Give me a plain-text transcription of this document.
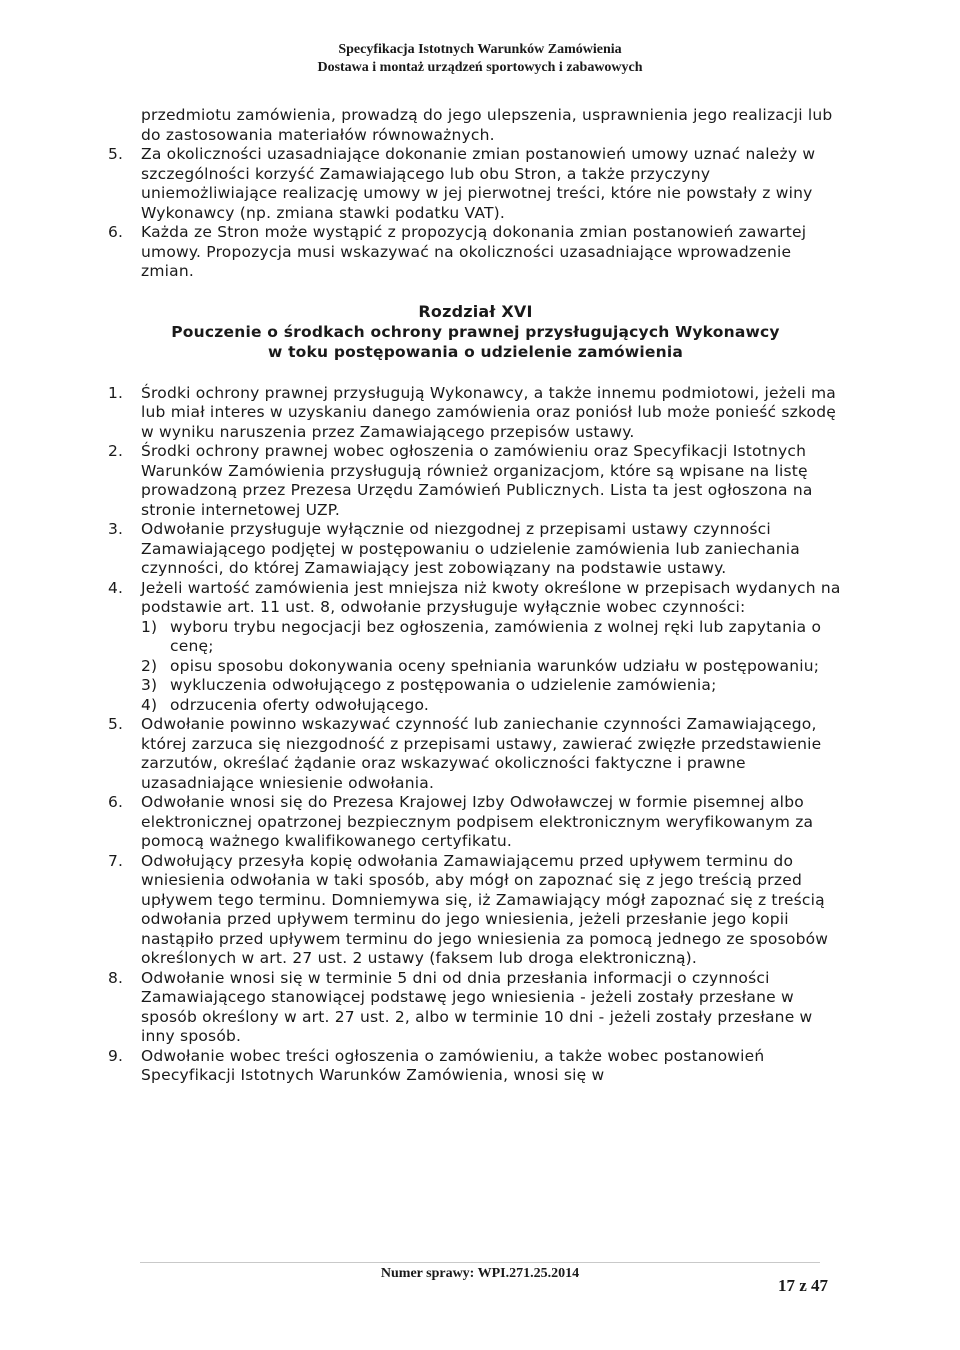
Specyfikacja Istotnych Warunków Zamówienia
Dostawa i montaż urządzeń sportowych i zabawowych

przedmiotu zamówienia, prowadzą do jego ulepszenia, usprawnienia jego realizacji lub do zastosowania materiałów równoważnych.

5. Za okoliczności uzasadniające dokonanie zmian postanowień umowy uznać należy w szczególności korzyść Zamawiającego lub obu Stron, a także przyczyny uniemożliwiające realizację umowy w jej pierwotnej treści, które nie powstały z winy Wykonawcy (np. zmiana stawki podatku VAT).

6. Każda ze Stron może wystąpić z propozycją dokonania zmian postanowień zawartej umowy. Propozycja musi wskazywać na okoliczności uzasadniające wprowadzenie zmian.

Rozdział XVI
Pouczenie o środkach ochrony prawnej przysługujących Wykonawcy
w toku postępowania o udzielenie zamówienia
1. Środki ochrony prawnej przysługują Wykonawcy, a także innemu podmiotowi, jeżeli ma lub miał interes w uzyskaniu danego zamówienia oraz poniósł lub może ponieść szkodę w wyniku naruszenia przez Zamawiającego przepisów ustawy.

2. Środki ochrony prawnej wobec ogłoszenia o zamówieniu oraz Specyfikacji Istotnych Warunków Zamówienia przysługują również organizacjom, które są wpisane na listę prowadzoną przez Prezesa Urzędu Zamówień Publicznych. Lista ta jest ogłoszona na stronie internetowej UZP.

3. Odwołanie przysługuje wyłącznie od niezgodnej z przepisami ustawy czynności Zamawiającego podjętej w postępowaniu o udzielenie zamówienia lub zaniechania czynności, do której Zamawiający jest zobowiązany na podstawie ustawy.

4. Jeżeli wartość zamówienia jest mniejsza niż kwoty określone w przepisach wydanych na podstawie art. 11 ust. 8, odwołanie przysługuje wyłącznie wobec czynności:

1) wyboru trybu negocjacji bez ogłoszenia, zamówienia z wolnej ręki lub zapytania o cenę;

2) opisu sposobu dokonywania oceny spełniania warunków udziału w postępowaniu;

3) wykluczenia odwołującego z postępowania o udzielenie zamówienia;

4) odrzucenia oferty odwołującego.

5. Odwołanie powinno wskazywać czynność lub zaniechanie czynności Zamawiającego, której zarzuca się niezgodność z przepisami ustawy, zawierać zwięzłe przedstawienie zarzutów, określać żądanie oraz wskazywać okoliczności faktyczne i prawne uzasadniające wniesienie odwołania.

6. Odwołanie wnosi się do Prezesa Krajowej Izby Odwoławczej w formie pisemnej albo elektronicznej opatrzonej bezpiecznym podpisem elektronicznym weryfikowanym za pomocą ważnego kwalifikowanego certyfikatu.

7. Odwołujący przesyła kopię odwołania Zamawiającemu przed upływem terminu do wniesienia odwołania w taki sposób, aby mógł on zapoznać się z jego treścią przed upływem tego terminu. Domniemywa się, iż Zamawiający mógł zapoznać się z treścią odwołania przed upływem terminu do jego wniesienia, jeżeli przesłanie jego kopii nastąpiło przed upływem terminu do jego wniesienia za pomocą jednego ze sposobów określonych w art. 27 ust. 2 ustawy (faksem lub droga elektroniczną).

8. Odwołanie wnosi się w terminie 5 dni od dnia przesłania informacji o czynności Zamawiającego stanowiącej podstawę jego wniesienia - jeżeli zostały przesłane w sposób określony w art. 27 ust. 2, albo w terminie 10 dni - jeżeli zostały przesłane w inny sposób.

9. Odwołanie wobec treści ogłoszenia o zamówieniu, a także wobec postanowień Specyfikacji Istotnych Warunków Zamówienia, wnosi się w

Numer sprawy: WPI.271.25.2014
17 z 47
